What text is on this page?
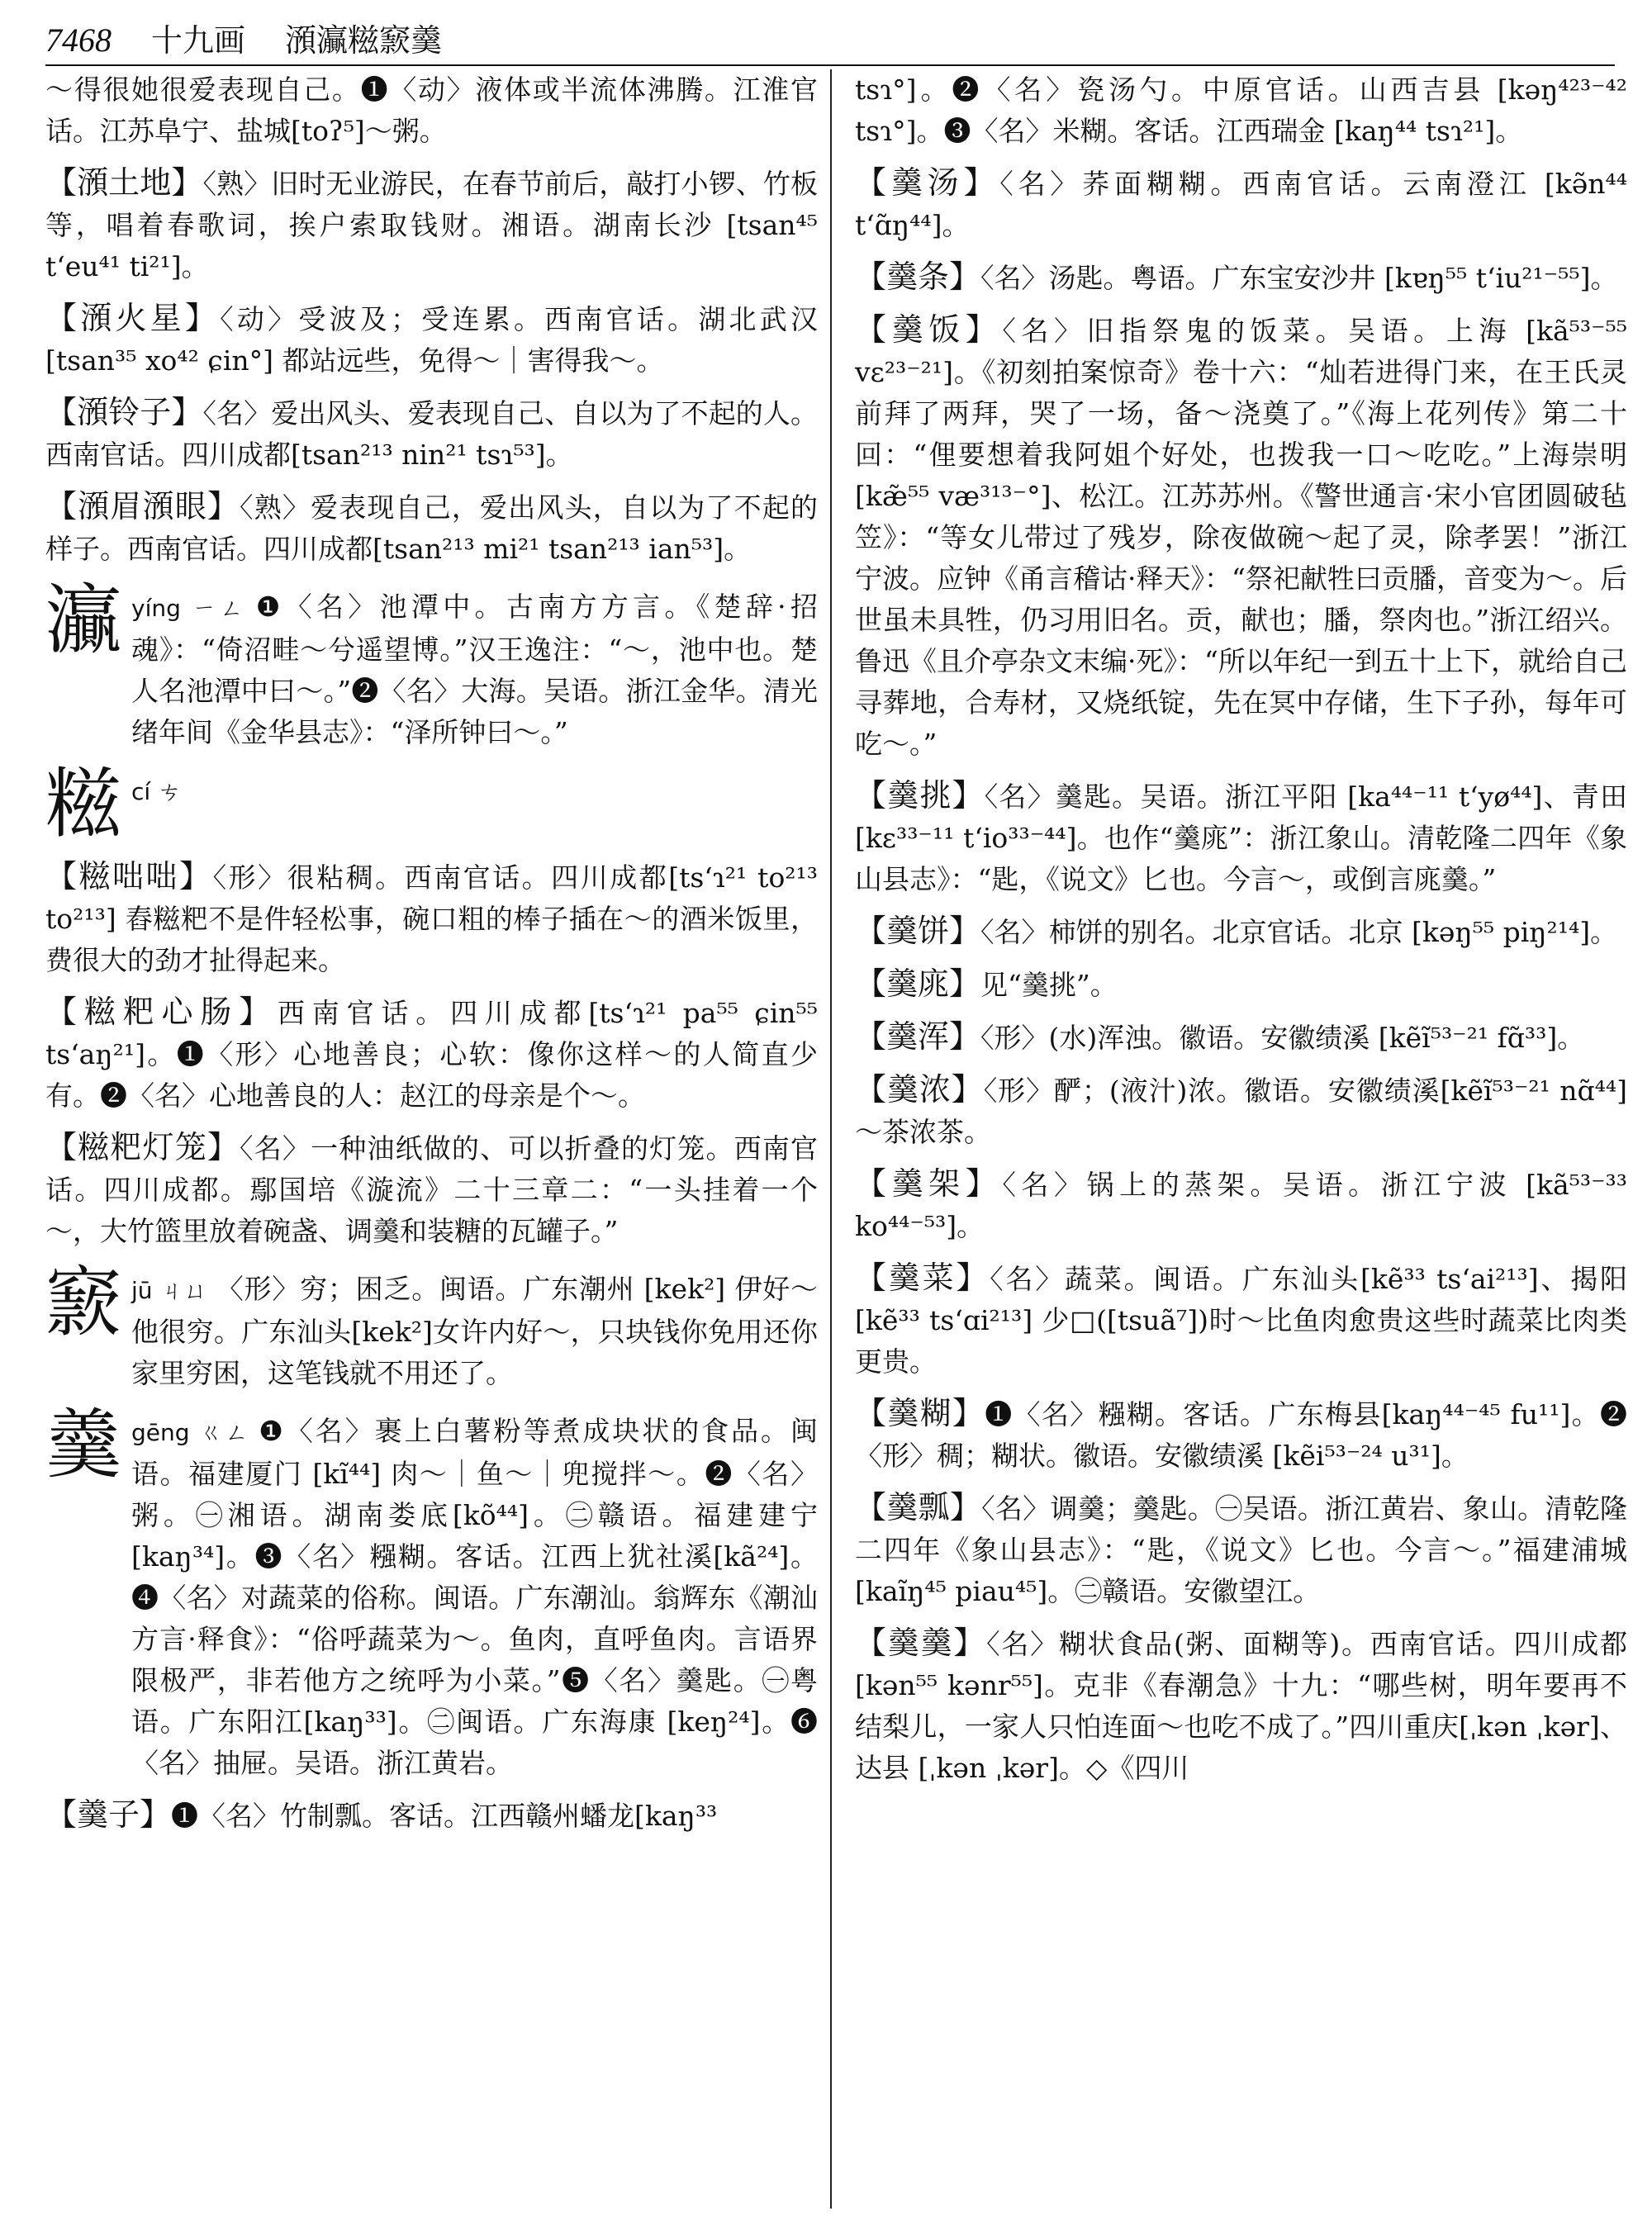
7468 十九画 澦灜糍窾羹
～得很她很爱表现自己。❶〈动〉液体或半流体沸腾。江淮官话。江苏阜宁、盐城[toʔ⁵]～粥。
【澦土地】〈熟〉旧时无业游民，在春节前后，敲打小锣、竹板等，唱着春歌词，挨户索取钱财。湘语。湖南长沙 [tsan⁴⁵ tʻeu⁴¹ ti²¹]。
【澦火星】〈动〉受波及；受连累。西南官话。湖北武汉 [tsan³⁵ xo⁴² ɕin°] 都站远些，免得～｜害得我～。
【澦铃子】〈名〉爱出风头、爱表现自己、自以为了不起的人。西南官话。四川成都[tsan²¹³ nin²¹ tsɿ⁵³]。
【澦眉澦眼】〈熟〉爱表现自己，爱出风头，自以为了不起的样子。西南官话。四川成都[tsan²¹³ mi²¹ tsan²¹³ ian⁵³]。
灜 yíng ㄧㄥ ❶〈名〉池潭中。古南方方言。《楚辞·招魂》：“倚沼畦～兮遥望博。”汉王逸注：“～，池中也。楚人名池潭中曰～。”❷〈名〉大海。吴语。浙江金华。清光绪年间《金华县志》：“泽所钟曰～。”
糍 cí ㄘ
【糍咄咄】〈形〉很粘稠。西南官话。四川成都[tsʻɿ²¹ to²¹³ to²¹³] 舂糍粑不是件轻松事，碗口粗的棒子插在～的酒米饭里，费很大的劲才扯得起来。
【糍粑心肠】西南官话。四川成都[tsʻɿ²¹ pa⁵⁵ ɕin⁵⁵ tsʻaŋ²¹]。❶〈形〉心地善良；心软：像你这样～的人简直少有。❷〈名〉心地善良的人：赵江的母亲是个～。
【糍粑灯笼】〈名〉一种油纸做的、可以折叠的灯笼。西南官话。四川成都。鄢国培《漩流》二十三章二：“一头挂着一个～，大竹篮里放着碗盏、调羹和装糖的瓦罐子。”
窾 jū ㄐㄩ 〈形〉穷；困乏。闽语。广东潮州 [kek²] 伊好～他很穷。广东汕头[kek²]女许内好～，只块钱你免用还你家里穷困，这笔钱就不用还了。
羹 gēng ㄍㄥ ❶〈名〉裹上白薯粉等煮成块状的食品。闽语。福建厦门 [kĩ⁴⁴] 肉～｜鱼～｜兜搅拌～。❷〈名〉粥。㊀湘语。湖南娄底[kõ⁴⁴]。㊁赣语。福建建宁 [kaŋ³⁴]。❸〈名〉糨糊。客话。江西上犹社溪[kã²⁴]。❹〈名〉对蔬菜的俗称。闽语。广东潮汕。翁辉东《潮汕方言·释食》：“俗呼蔬菜为～。鱼肉，直呼鱼肉。言语界限极严，非若他方之统呼为小菜。”❺〈名〉羹匙。㊀粤语。广东阳江[kaŋ³³]。㊁闽语。广东海康 [keŋ²⁴]。❻〈名〉抽屉。吴语。浙江黄岩。
【羹子】❶〈名〉竹制瓢。客话。江西赣州蟠龙[kaŋ³³
tsɿ°]。❷〈名〉瓷汤勺。中原官话。山西吉县 [kəŋ⁴²³⁻⁴² tsɿ°]。❸〈名〉米糊。客话。江西瑞金 [kaŋ⁴⁴ tsɿ²¹]。
【羹汤】〈名〉荞面糊糊。西南官话。云南澄江 [kə̃n⁴⁴ tʻɑ̃ŋ⁴⁴]。
【羹条】〈名〉汤匙。粤语。广东宝安沙井 [kɐŋ⁵⁵ tʻiu²¹⁻⁵⁵]。
【羹饭】〈名〉旧指祭鬼的饭菜。吴语。上海 [kã⁵³⁻⁵⁵ vɛ²³⁻²¹]。《初刻拍案惊奇》卷十六：“灿若进得门来，在王氏灵前拜了两拜，哭了一场，备～浇奠了。”《海上花列传》第二十回：“俚要想着我阿姐个好处，也拨我一口～吃吃。”上海崇明 [kæ̃⁵⁵ væ³¹³⁻°]、松江。江苏苏州。《警世通言·宋小官团圆破毡笠》：“等女儿带过了残岁，除夜做碗～起了灵，除孝罢！”浙江宁波。应钟《甬言稽诂·释天》：“祭祀献牲曰贡膰，音变为～。后世虽未具牲，仍习用旧名。贡，献也；膰，祭肉也。”浙江绍兴。鲁迅《且介亭杂文末编·死》：“所以年纪一到五十上下，就给自己寻葬地，合寿材，又烧纸锭，先在冥中存储，生下子孙，每年可吃～。”
【羹挑】〈名〉羹匙。吴语。浙江平阳 [ka⁴⁴⁻¹¹ tʻyø⁴⁴]、青田 [kɛ³³⁻¹¹ tʻio³³⁻⁴⁴]。也作“羹庣”：浙江象山。清乾隆二四年《象山县志》：“匙，《说文》匕也。今言～，或倒言庣羹。”
【羹饼】〈名〉柿饼的别名。北京官话。北京 [kəŋ⁵⁵ piŋ²¹⁴]。
【羹庣】见“羹挑”。
【羹浑】〈形〉(水)浑浊。徽语。安徽绩溪 [kẽĩ⁵³⁻²¹ fɑ̃³³]。
【羹浓】〈形〉酽；(液汁)浓。徽语。安徽绩溪[kẽĩ⁵³⁻²¹ nɑ̃⁴⁴] ～茶浓茶。
【羹架】〈名〉锅上的蒸架。吴语。浙江宁波 [kã⁵³⁻³³ ko⁴⁴⁻⁵³]。
【羹菜】〈名〉蔬菜。闽语。广东汕头[kẽ³³ tsʻai²¹³]、揭阳 [kẽ³³ tsʻɑi²¹³] 少□([tsuã⁷])时～比鱼肉愈贵这些时蔬菜比肉类更贵。
【羹糊】❶〈名〉糨糊。客话。广东梅县[kaŋ⁴⁴⁻⁴⁵ fu¹¹]。❷〈形〉稠；糊状。徽语。安徽绩溪 [kẽi⁵³⁻²⁴ u³¹]。
【羹瓢】〈名〉调羹；羹匙。㊀吴语。浙江黄岩、象山。清乾隆二四年《象山县志》：“匙，《说文》匕也。今言～。”福建浦城 [kaĩŋ⁴⁵ piau⁴⁵]。㊁赣语。安徽望江。
【羹羹】〈名〉糊状食品(粥、面糊等)。西南官话。四川成都[kən⁵⁵ kənr⁵⁵]。克非《春潮急》十九：“哪些树，明年要再不结梨儿，一家人只怕连面～也吃不成了。”四川重庆[ˌkən ˌkər]、达县 [ˌkən ˌkər]。◇《四川
